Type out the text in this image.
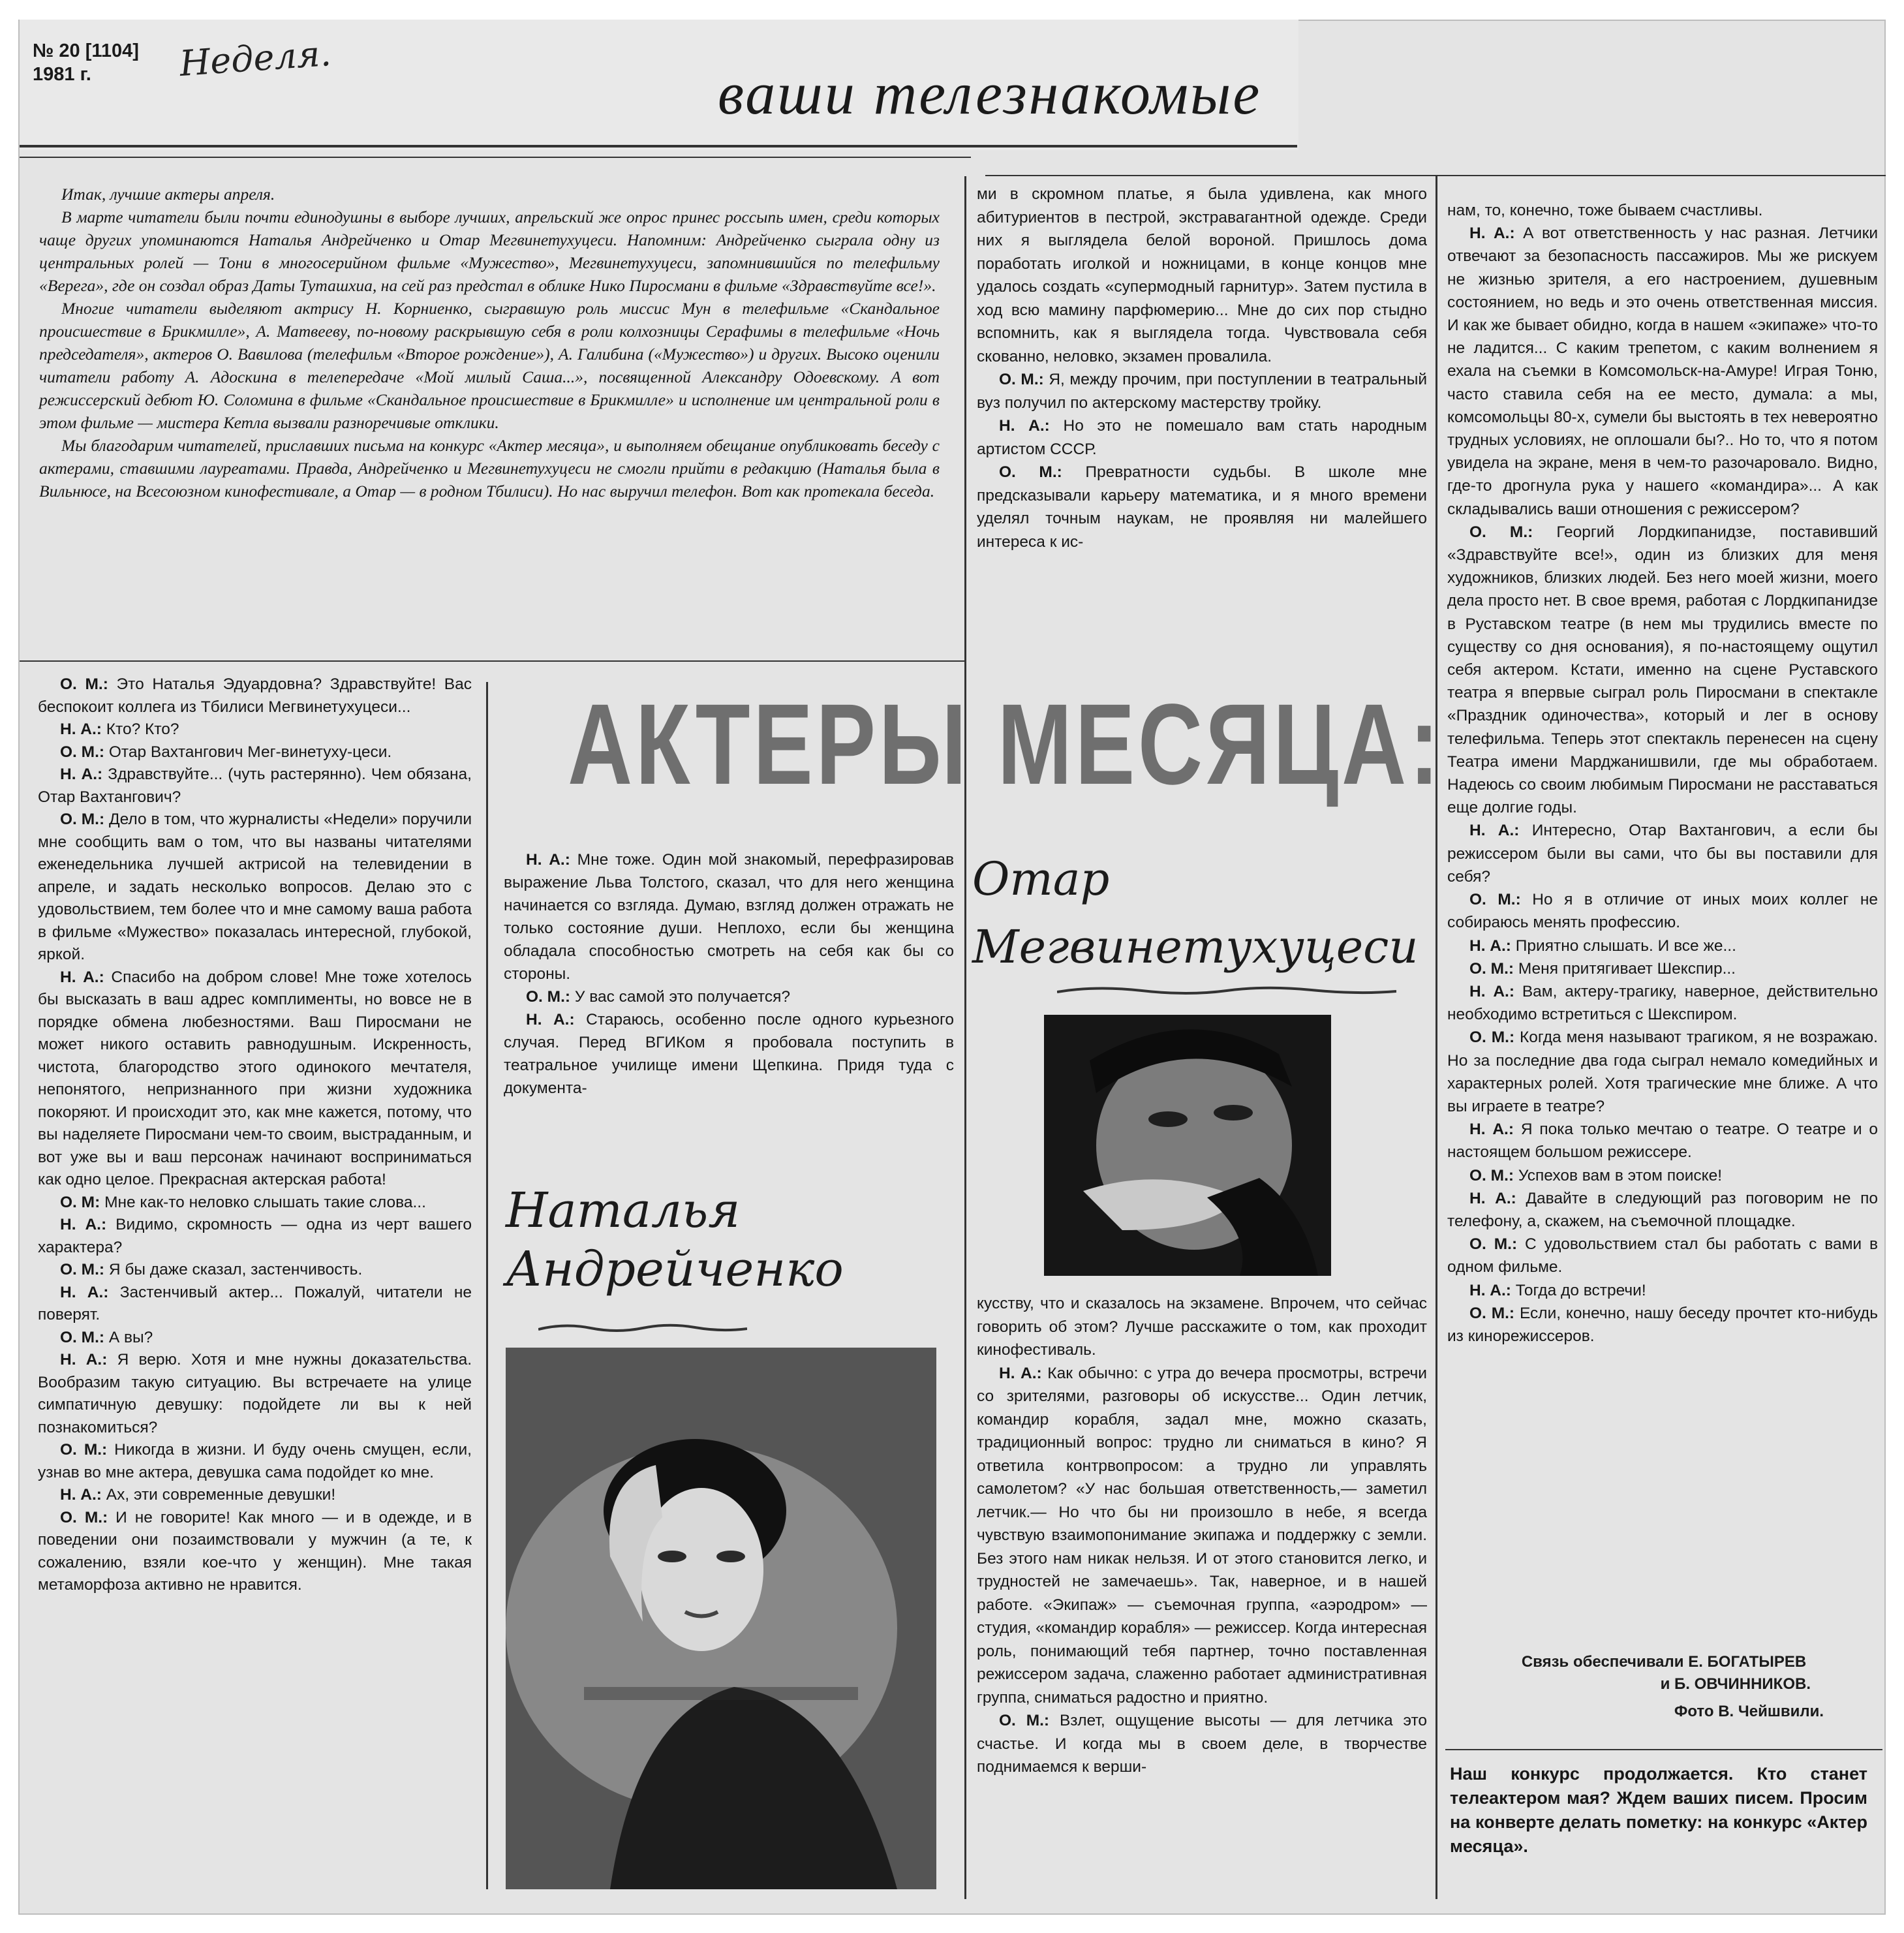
№ 20 [1104]
1981 г.	Неделя.
ваши телезнакомые

Итак, лучшие актеры апреля.

В марте читатели были почти единодушны в выборе лучших, апрельский же опрос принес россыпь имен, среди которых чаще других упоминаются Наталья Андрейченко и Отар Мегвинетухуцеси. Напомним: Андрейченко сыграла одну из центральных ролей — Тони в многосерийном фильме «Мужество», Мегвинетухуцеси, запомнившийся по телефильму «Верега», где он создал образ Даты Туташхиа, на сей раз предстал в облике Нико Пиросмани в фильме «Здравствуйте все!».

Многие читатели выделяют актрису Н. Корниенко, сыгравшую роль миссис Мун в телефильме «Скандальное происшествие в Брикмилле», А. Матвееву, по-новому раскрывшую себя в роли колхозницы Серафимы в телефильме «Ночь председателя», актеров О. Вавилова (телефильм «Второе рождение»), А. Галибина («Мужество») и других. Высоко оценили читатели работу А. Адоскина в телепередаче «Мой милый Саша...», посвященной Александру Одоевскому. А вот режиссерский дебют Ю. Соломина в фильме «Скандальное происшествие в Брикмилле» и исполнение им центральной роли в этом фильме — мистера Кетла вызвали разноречивые отклики.

Мы благодарим читателей, приславших письма на конкурс «Актер месяца», и выполняем обещание опубликовать беседу с актерами, ставшими лауреатами. Правда, Андрейченко и Мегвинетухуцеси не смогли прийти в редакцию (Наталья была в Вильнюсе, на Всесоюзном кинофестивале, а Отар — в родном Тбилиси). Но нас выручил телефон. Вот как протекала беседа.

О. М.: Это Наталья Эдуардовна? Здравствуйте! Вас беспокоит коллега из Тбилиси Мегвинетухуцеси...

Н. А.: Кто? Кто?

О. М.: Отар Вахтангович Мег-винетуху-цеси.

Н. А.: Здравствуйте... (чуть растерянно). Чем обязана, Отар Вахтангович?

О. М.: Дело в том, что журналисты «Недели» поручили мне сообщить вам о том, что вы названы читателями еженедельника лучшей актрисой на телевидении в апреле, и задать несколько вопросов. Делаю это с удовольствием, тем более что и мне самому ваша работа в фильме «Мужество» показалась интересной, глубокой, яркой.

Н. А.: Спасибо на добром слове! Мне тоже хотелось бы высказать в ваш адрес комплименты, но вовсе не в порядке обмена любезностями. Ваш Пиросмани не может никого оставить равнодушным. Искренность, чистота, благородство этого одинокого мечтателя, непонятого, непризнанного при жизни художника покоряют. И происходит это, как мне кажется, потому, что вы наделяете Пиросмани чем-то своим, выстраданным, и вот уже вы и ваш персонаж начинают восприниматься как одно целое. Прекрасная актерская работа!

О. М: Мне как-то неловко слышать такие слова...

Н. А.: Видимо, скромность — одна из черт вашего характера?

О. М.: Я бы даже сказал, застенчивость.

Н. А.: Застенчивый актер... Пожалуй, читатели не поверят.

О. М.: А вы?

Н. А.: Я верю. Хотя и мне нужны доказательства. Вообразим такую ситуацию. Вы встречаете на улице симпатичную девушку: подойдете ли вы к ней познакомиться?

О. М.: Никогда в жизни. И буду очень смущен, если, узнав во мне актера, девушка сама подойдет ко мне.

Н. А.: Ах, эти современные девушки!

О. М.: И не говорите! Как много — и в одежде, и в поведении они позаимствовали у мужчин (а те, к сожалению, взяли кое-что у женщин). Мне такая метаморфоза активно не нравится.

АКТЕРЫ МЕСЯЦА:

Н. А.: Мне тоже. Один мой знакомый, перефразировав выражение Льва Толстого, сказал, что для него женщина начинается со взгляда. Думаю, взгляд должен отражать не только состояние души. Неплохо, если бы женщина обладала способностью смотреть на себя как бы со стороны.

О. М.: У вас самой это получается?

Н. А.: Стараюсь, особенно после одного курьезного случая. Перед ВГИКом я пробовала поступить в театральное училище имени Щепкина. Придя туда с документа-

Наталья
Андрейченко

ми в скромном платье, я была удивлена, как много абитуриентов в пестрой, экстравагантной одежде. Среди них я выглядела белой вороной. Пришлось дома поработать иголкой и ножницами, в конце концов мне удалось создать «супермодный гарнитур». Затем пустила в ход всю мамину парфюмерию... Мне до сих пор стыдно вспомнить, как я выглядела тогда. Чувствовала себя скованно, неловко, экзамен провалила.

О. М.: Я, между прочим, при поступлении в театральный вуз получил по актерскому мастерству тройку.

Н. А.: Но это не помешало вам стать народным артистом СССР.

О. М.: Превратности судьбы. В школе мне предсказывали карьеру математика, и я много времени уделял точным наукам, не проявляя ни малейшего интереса к ис-

Отар
Мегвинетухуцеси

кусству, что и сказалось на экзамене. Впрочем, что сейчас говорить об этом? Лучше расскажите о том, как проходит кинофестиваль.

Н. А.: Как обычно: с утра до вечера просмотры, встречи со зрителями, разговоры об искусстве... Один летчик, командир корабля, задал мне, можно сказать, традиционный вопрос: трудно ли сниматься в кино? Я ответила контрвопросом: а трудно ли управлять самолетом? «У нас большая ответственность,— заметил летчик.— Но что бы ни произошло в небе, я всегда чувствую взаимопонимание экипажа и поддержку с земли. Без этого нам никак нельзя. И от этого становится легко, и трудностей не замечаешь». Так, наверное, и в нашей работе. «Экипаж» — съемочная группа, «аэродром» — студия, «командир корабля» — режиссер. Когда интересная роль, понимающий тебя партнер, точно поставленная режиссером задача, слаженно работает административная группа, сниматься радостно и приятно.

О. М.: Взлет, ощущение высоты — для летчика это счастье. И когда мы в своем деле, в творчестве поднимаемся к верши-

нам, то, конечно, тоже бываем счастливы.

Н. А.: А вот ответственность у нас разная. Летчики отвечают за безопасность пассажиров. Мы же рискуем не жизнью зрителя, а его настроением, душевным состоянием, но ведь и это очень ответственная миссия. И как же бывает обидно, когда в нашем «экипаже» что-то не ладится... С каким трепетом, с каким волнением я ехала на съемки в Комсомольск-на-Амуре! Играя Тоню, часто ставила себя на ее место, думала: а мы, комсомольцы 80-х, сумели бы выстоять в тех невероятно трудных условиях, не оплошали бы?.. Но то, что я потом увидела на экране, меня в чем-то разочаровало. Видно, где-то дрогнула рука у нашего «командира»... А как складывались ваши отношения с режиссером?

О. М.: Георгий Лордкипанидзе, поставивший «Здравствуйте все!», один из близких для меня художников, близких людей. Без него моей жизни, моего дела просто нет. В свое время, работая с Лордкипанидзе в Руставском театре (в нем мы трудились вместе по существу со дня основания), я по-настоящему ощутил себя актером. Кстати, именно на сцене Руставского театра я впервые сыграл роль Пиросмани в спектакле «Праздник одиночества», который и лег в основу телефильма. Теперь этот спектакль перенесен на сцену Театра имени Марджанишвили, где мы обработаем. Надеюсь со своим любимым Пиросмани не расставаться еще долгие годы.

Н. А.: Интересно, Отар Вахтангович, а если бы режиссером были вы сами, что бы вы поставили для себя?

О. М.: Но я в отличие от иных моих коллег не собираюсь менять профессию.

Н. А.: Приятно слышать. И все же...

О. М.: Меня притягивает Шекспир...

Н. А.: Вам, актеру-трагику, наверное, действительно необходимо встретиться с Шекспиром.

О. М.: Когда меня называют трагиком, я не возражаю. Но за последние два года сыграл немало комедийных и характерных ролей. Хотя трагические мне ближе. А что вы играете в театре?

Н. А.: Я пока только мечтаю о театре. О театре и о настоящем большом режиссере.

О. М.: Успехов вам в этом поиске!

Н. А.: Давайте в следующий раз поговорим не по телефону, а, скажем, на съемочной площадке.

О. М.: С удовольствием стал бы работать с вами в одном фильме.

Н. А.: Тогда до встречи!

О. М.: Если, конечно, нашу беседу прочтет кто-нибудь из кинорежиссеров.

Связь обеспечивали Е. БОГАТЫРЕВ
и Б. ОВЧИННИКОВ.
Фото В. Чейшвили.
Наш конкурс продолжается. Кто станет телеактером мая? Ждем ваших писем. Просим на конверте делать пометку: на конкурс «Актер месяца».
